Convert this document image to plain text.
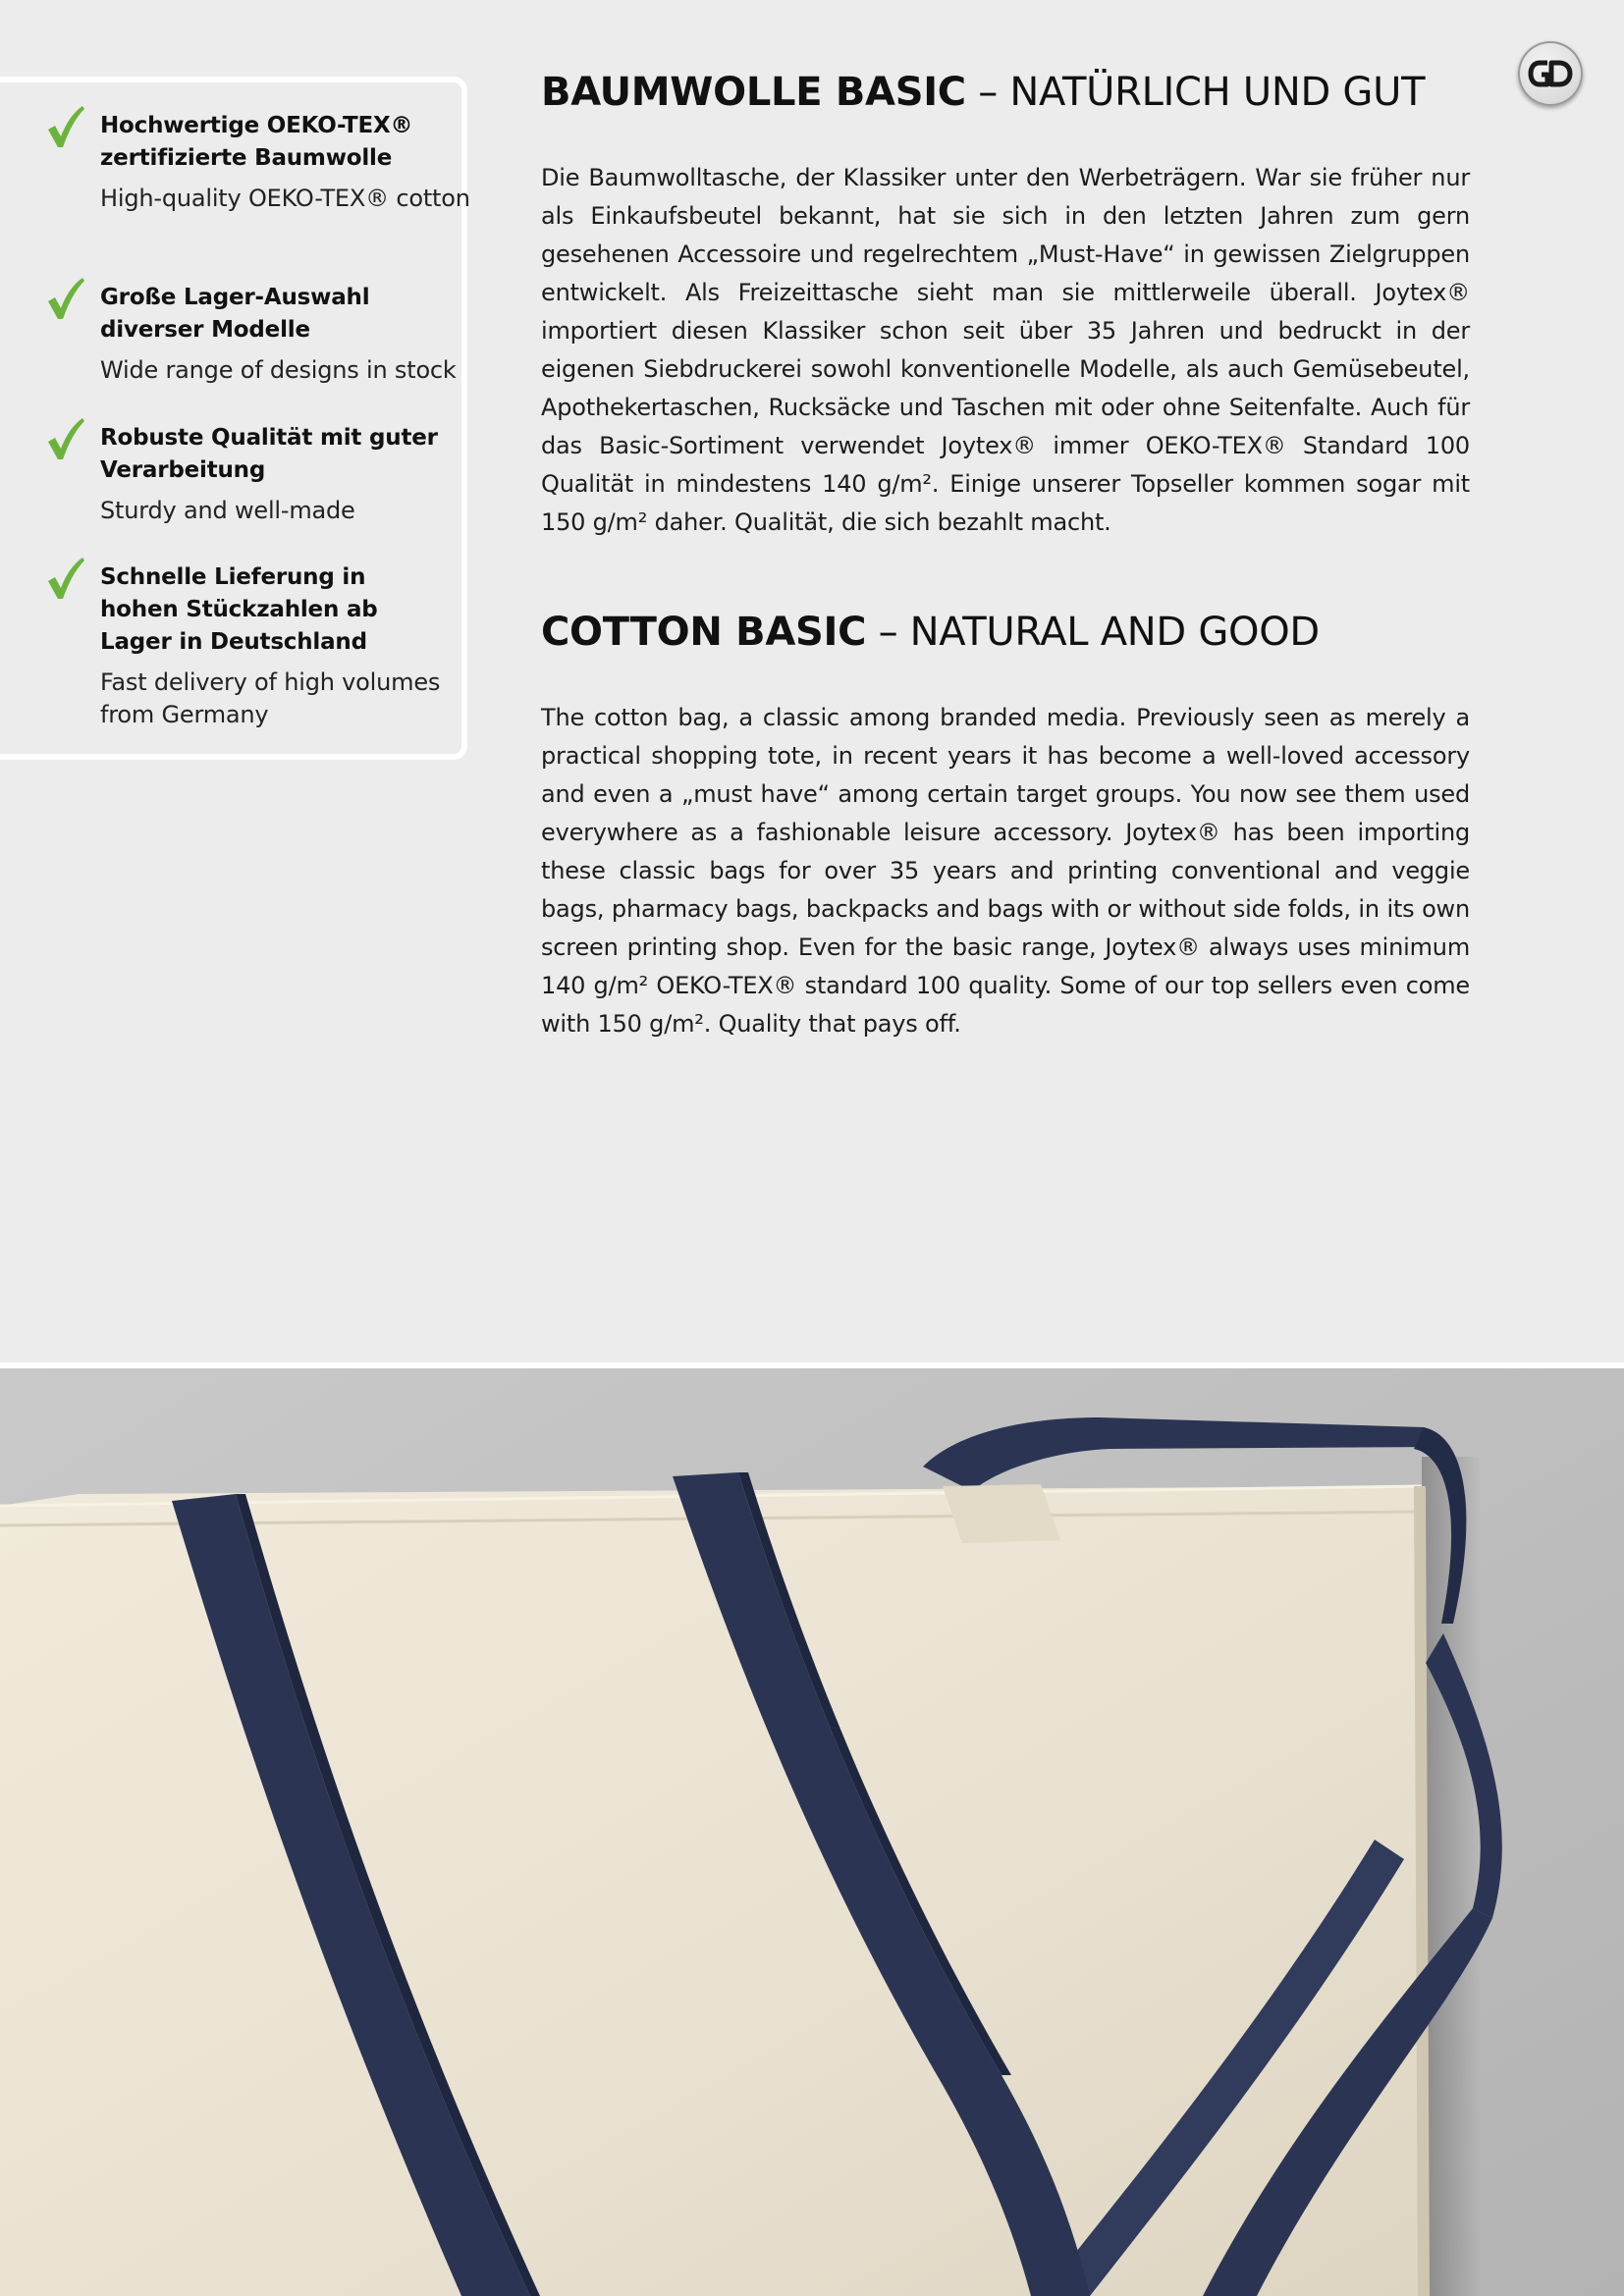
Hochwertige OEKO-TEX® zertifizierte Baumwolle
High-quality OEKO-TEX® cotton
Große Lager-Auswahl diverser Modelle
Wide range of designs in stock
Robuste Qualität mit guter Verarbeitung
Sturdy and well-made
Schnelle Lieferung in hohen Stückzahlen ab Lager in Deutschland
Fast delivery of high volumes from Germany
BAUMWOLLE BASIC – NATÜRLICH UND GUT

Die Baumwolltasche, der Klassiker unter den Werbeträgern. War sie früher nur als Einkaufsbeutel bekannt, hat sie sich in den letzten Jahren zum gern gesehenen Accessoire und regelrechtem „Must-Have“ in gewissen Zielgruppen entwickelt. Als Freizeittasche sieht man sie mittlerweile überall. Joytex® importiert diesen Klassiker schon seit über 35 Jahren und bedruckt in der eigenen Siebdruckerei sowohl konventionelle Modelle, als auch Gemüsebeutel, Apothekertaschen, Rucksäcke und Taschen mit oder ohne Seitenfalte. Auch für das Basic-Sortiment verwendet Joytex® immer OEKO-TEX® Standard 100 Qualität in mindestens 140 g/m². Einige unserer Topseller kommen sogar mit 150 g/m² daher. Qualität, die sich bezahlt macht.

COTTON BASIC – NATURAL AND GOOD

The cotton bag, a classic among branded media. Previously seen as merely a practical shopping tote, in recent years it has become a well-loved accessory and even a „must have“ among certain target groups. You now see them used everywhere as a fashionable leisure accessory. Joytex® has been importing these classic bags for over 35 years and printing conventional and veggie bags, pharmacy bags, backpacks and bags with or without side folds, in its own screen printing shop. Even for the basic range, Joytex® always uses minimum 140 g/m² OEKO-TEX® standard 100 quality. Some of our top sellers even come with 150 g/m². Quality that pays off.
